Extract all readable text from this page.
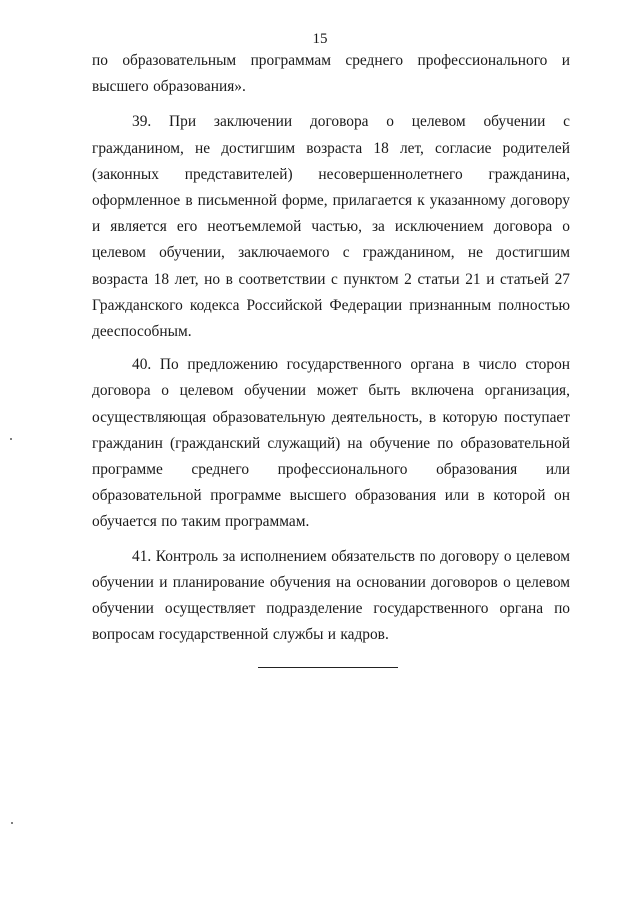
15

по образовательным программам среднего профессионального и высшего образования».

39. При заключении договора о целевом обучении с гражданином, не достигшим возраста 18 лет, согласие родителей (законных представителей) несовершеннолетнего гражданина, оформленное в письменной форме, прилагается к указанному договору и является его неотъемлемой частью, за исключением договора о целевом обучении, заключаемого с гражданином, не достигшим возраста 18 лет, но в соответствии с пунктом 2 статьи 21 и статьей 27 Гражданского кодекса Российской Федерации признанным полностью дееспособным.

40. По предложению государственного органа в число сторон договора о целевом обучении может быть включена организация, осуществляющая образовательную деятельность, в которую поступает гражданин (гражданский служащий) на обучение по образовательной программе среднего профессионального образования или образовательной программе высшего образования или в которой он обучается по таким программам.

41. Контроль за исполнением обязательств по договору о целевом обучении и планирование обучения на основании договоров о целевом обучении осуществляет подразделение государственного органа по вопросам государственной службы и кадров.
